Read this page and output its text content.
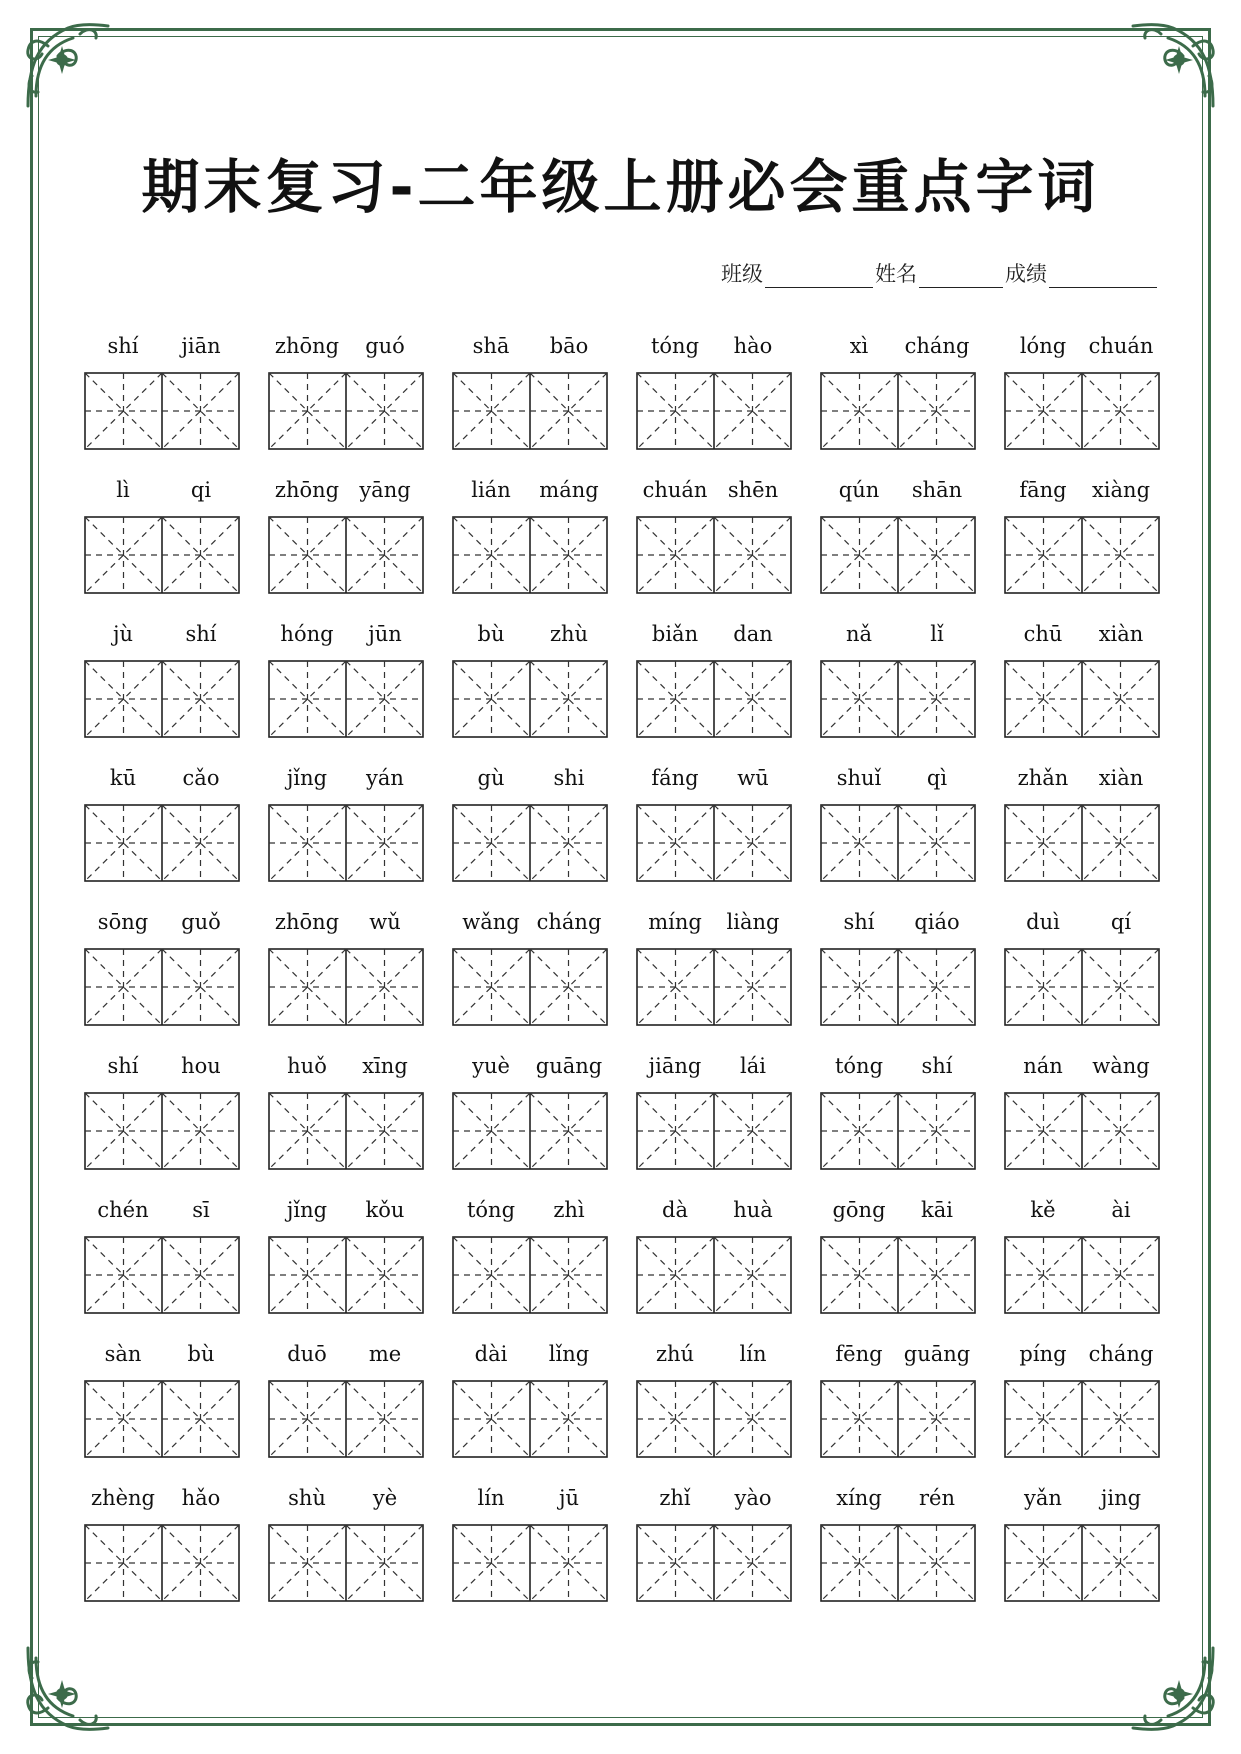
期末复习-二年级上册必会重点字词
班级	姓名	成绩
shí	jiān	zhōng	guó	shā	bāo	tóng	hào	xì	cháng	lóng	chuán
lì	qi	zhōng yāng	lián	máng	chuán shēn	qún	shān	fāng	xiàng
jù	shí	hóng	jūn	bù	zhù	biǎn	dan	nǎ	lǐ	chū	xiàn
kū	cǎo	jǐng	yán	gù	shi	fáng	wū	shuǐ	qì	zhǎn	xiàn
sōng	guǒ	zhōng	wǔ	wǎng cháng	míng	liàng	shí	qiáo	duì	qí
shí	hou	huǒ	xīng	yuè	guāng	jiāng	lái	tóng	shí	nán	wàng
chén	sī	jǐng	kǒu	tóng	zhì	dà	huà	gōng	kāi	kě	ài
sàn	bù	duō	me	dài	lǐng	zhú	lín	fēng	guāng	píng	cháng
zhèng	hǎo	shù	yè	lín	jū	zhǐ	yào	xíng	rén	yǎn	jing
